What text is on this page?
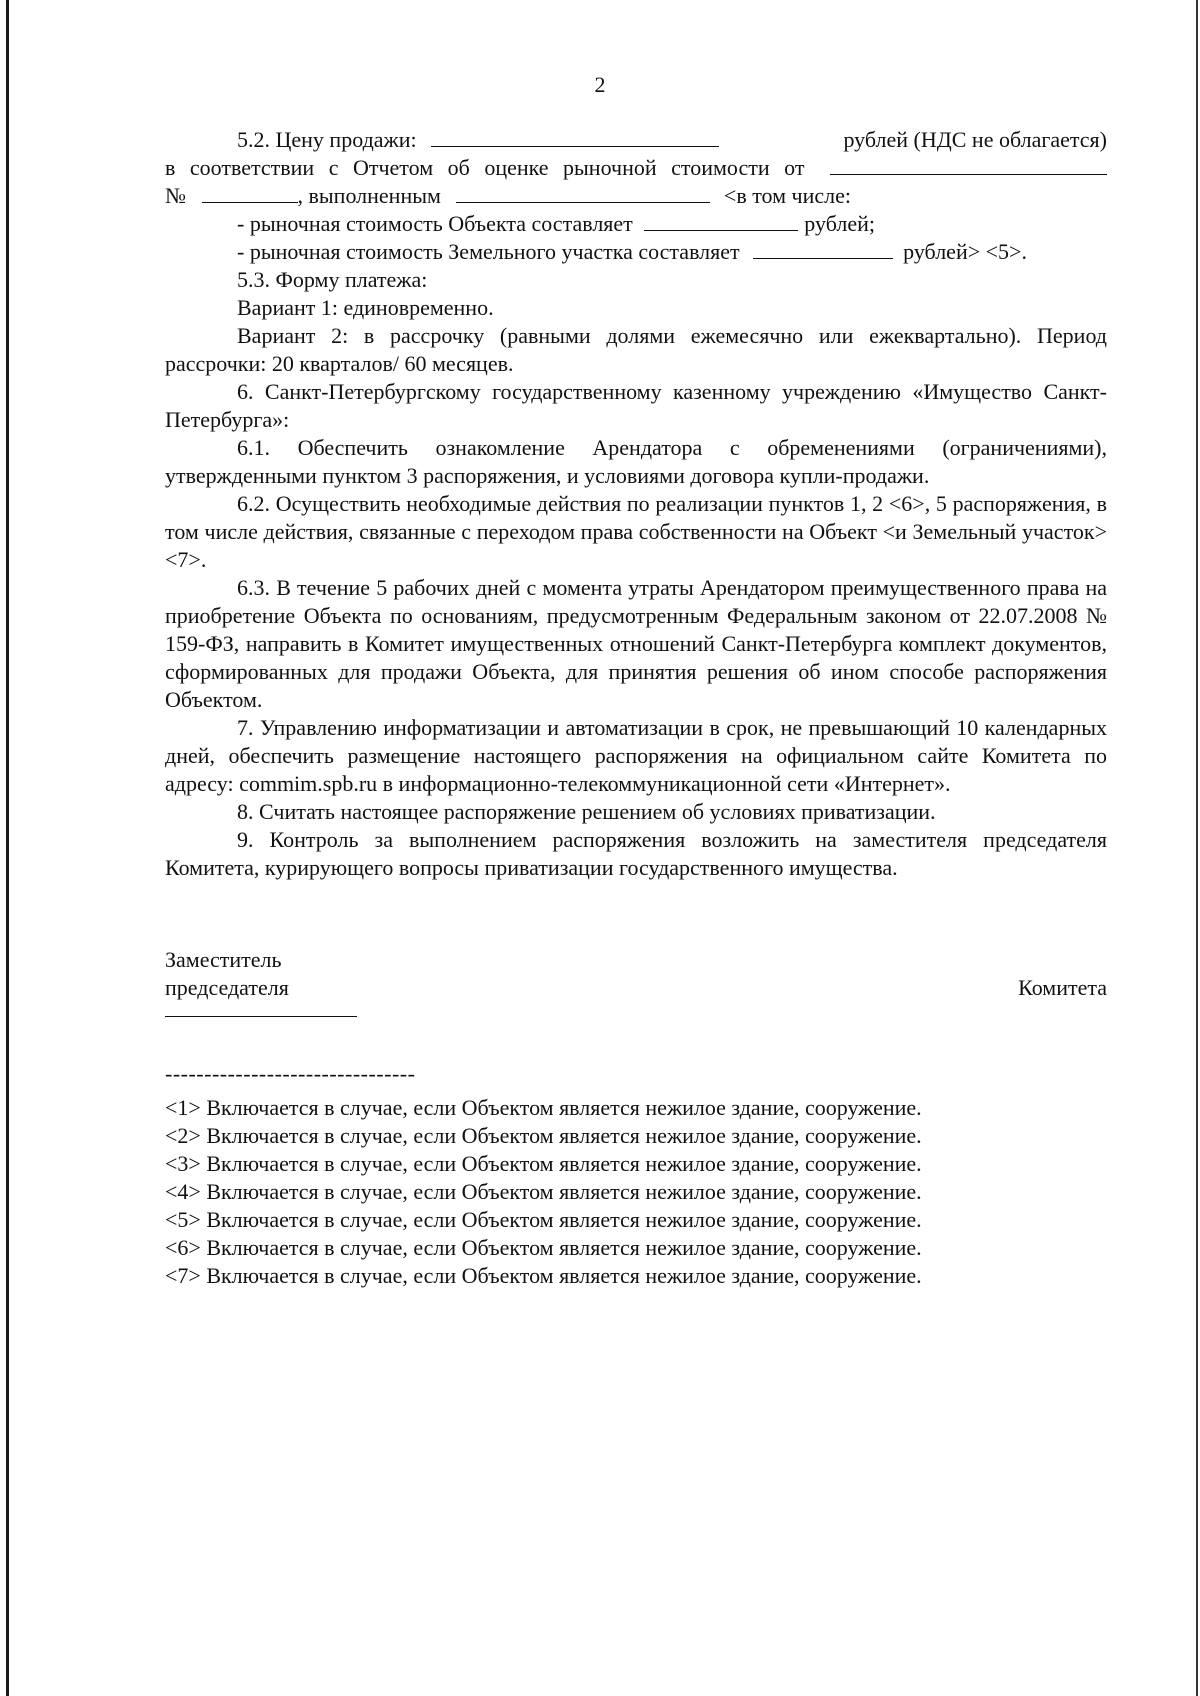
2
5.2. Цену продажи:	рублей (НДС не облагается)
в соответствии с Отчетом об оценке рыночной стоимости от
№	, выполненным	<в том числе:
- рыночная стоимость Объекта составляет	рублей;
- рыночная стоимость Земельного участка составляет	рублей> <5>.

5.3. Форму платежа:

Вариант 1: единовременно.

Вариант 2: в рассрочку (равными долями ежемесячно или ежеквартально). Период рассрочки: 20 кварталов/ 60 месяцев.

6. Санкт-Петербургскому государственному казенному учреждению «Имущество Санкт-Петербурга»:

6.1. Обеспечить ознакомление Арендатора с обременениями (ограничениями), утвержденными пунктом 3 распоряжения, и условиями договора купли-продажи.

6.2. Осуществить необходимые действия по реализации пунктов 1, 2 <6>, 5 распоряжения, в том числе действия, связанные с переходом права собственности на Объект <и Земельный участок> <7>.

6.3. В течение 5 рабочих дней с момента утраты Арендатором преимущественного права на приобретение Объекта по основаниям, предусмотренным Федеральным законом от 22.07.2008 № 159-ФЗ, направить в Комитет имущественных отношений Санкт-Петербурга комплект документов, сформированных для продажи Объекта, для принятия решения об ином способе распоряжения Объектом.

7. Управлению информатизации и автоматизации в срок, не превышающий 10 календарных дней, обеспечить размещение настоящего распоряжения на официальном сайте Комитета по адресу: commim.spb.ru в информационно-телекоммуникационной сети «Интернет».

8. Считать настоящее распоряжение решением об условиях приватизации.

9. Контроль за выполнением распоряжения возложить на заместителя председателя Комитета, курирующего вопросы приватизации государственного имущества.

Заместитель
председателя	Комитета
--------------------------------
<1> Включается в случае, если Объектом является нежилое здание, сооружение.
<2> Включается в случае, если Объектом является нежилое здание, сооружение.
<3> Включается в случае, если Объектом является нежилое здание, сооружение.
<4> Включается в случае, если Объектом является нежилое здание, сооружение.
<5> Включается в случае, если Объектом является нежилое здание, сооружение.
<6> Включается в случае, если Объектом является нежилое здание, сооружение.
<7> Включается в случае, если Объектом является нежилое здание, сооружение.
